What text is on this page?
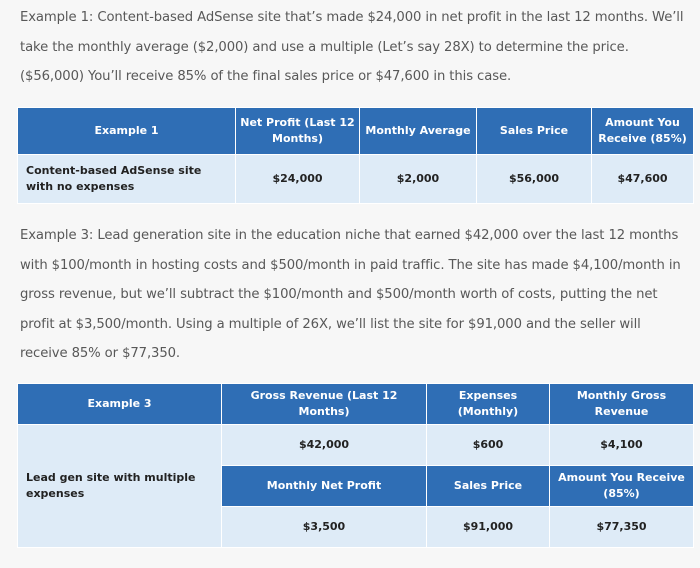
Example 1: Content-based AdSense site that’s made $24,000 in net profit in the last 12 months. We’ll take the monthly average ($2,000) and use a multiple (Let’s say 28X) to determine the price. ($56,000) You’ll receive 85% of the final sales price or $47,600 in this case.

Example 1	Net Profit (Last 12 Months)	Monthly Average	Sales Price	Amount You Receive (85%)
Content-based AdSense site with no expenses	$24,000	$2,000	$56,000	$47,600

Example 3: Lead generation site in the education niche that earned $42,000 over the last 12 months with $100/month in hosting costs and $500/month in paid traffic. The site has made $4,100/month in gross revenue, but we’ll subtract the $100/month and $500/month worth of costs, putting the net profit at $3,500/month. Using a multiple of 26X, we’ll list the site for $91,000 and the seller will receive 85% or $77,350.

Example 3	Gross Revenue (Last 12 Months)	Expenses (Monthly)	Monthly Gross Revenue
Lead gen site with multiple expenses	$42,000	$600	$4,100
	Monthly Net Profit	Sales Price	Amount You Receive (85%)
	$3,500	$91,000	$77,350
